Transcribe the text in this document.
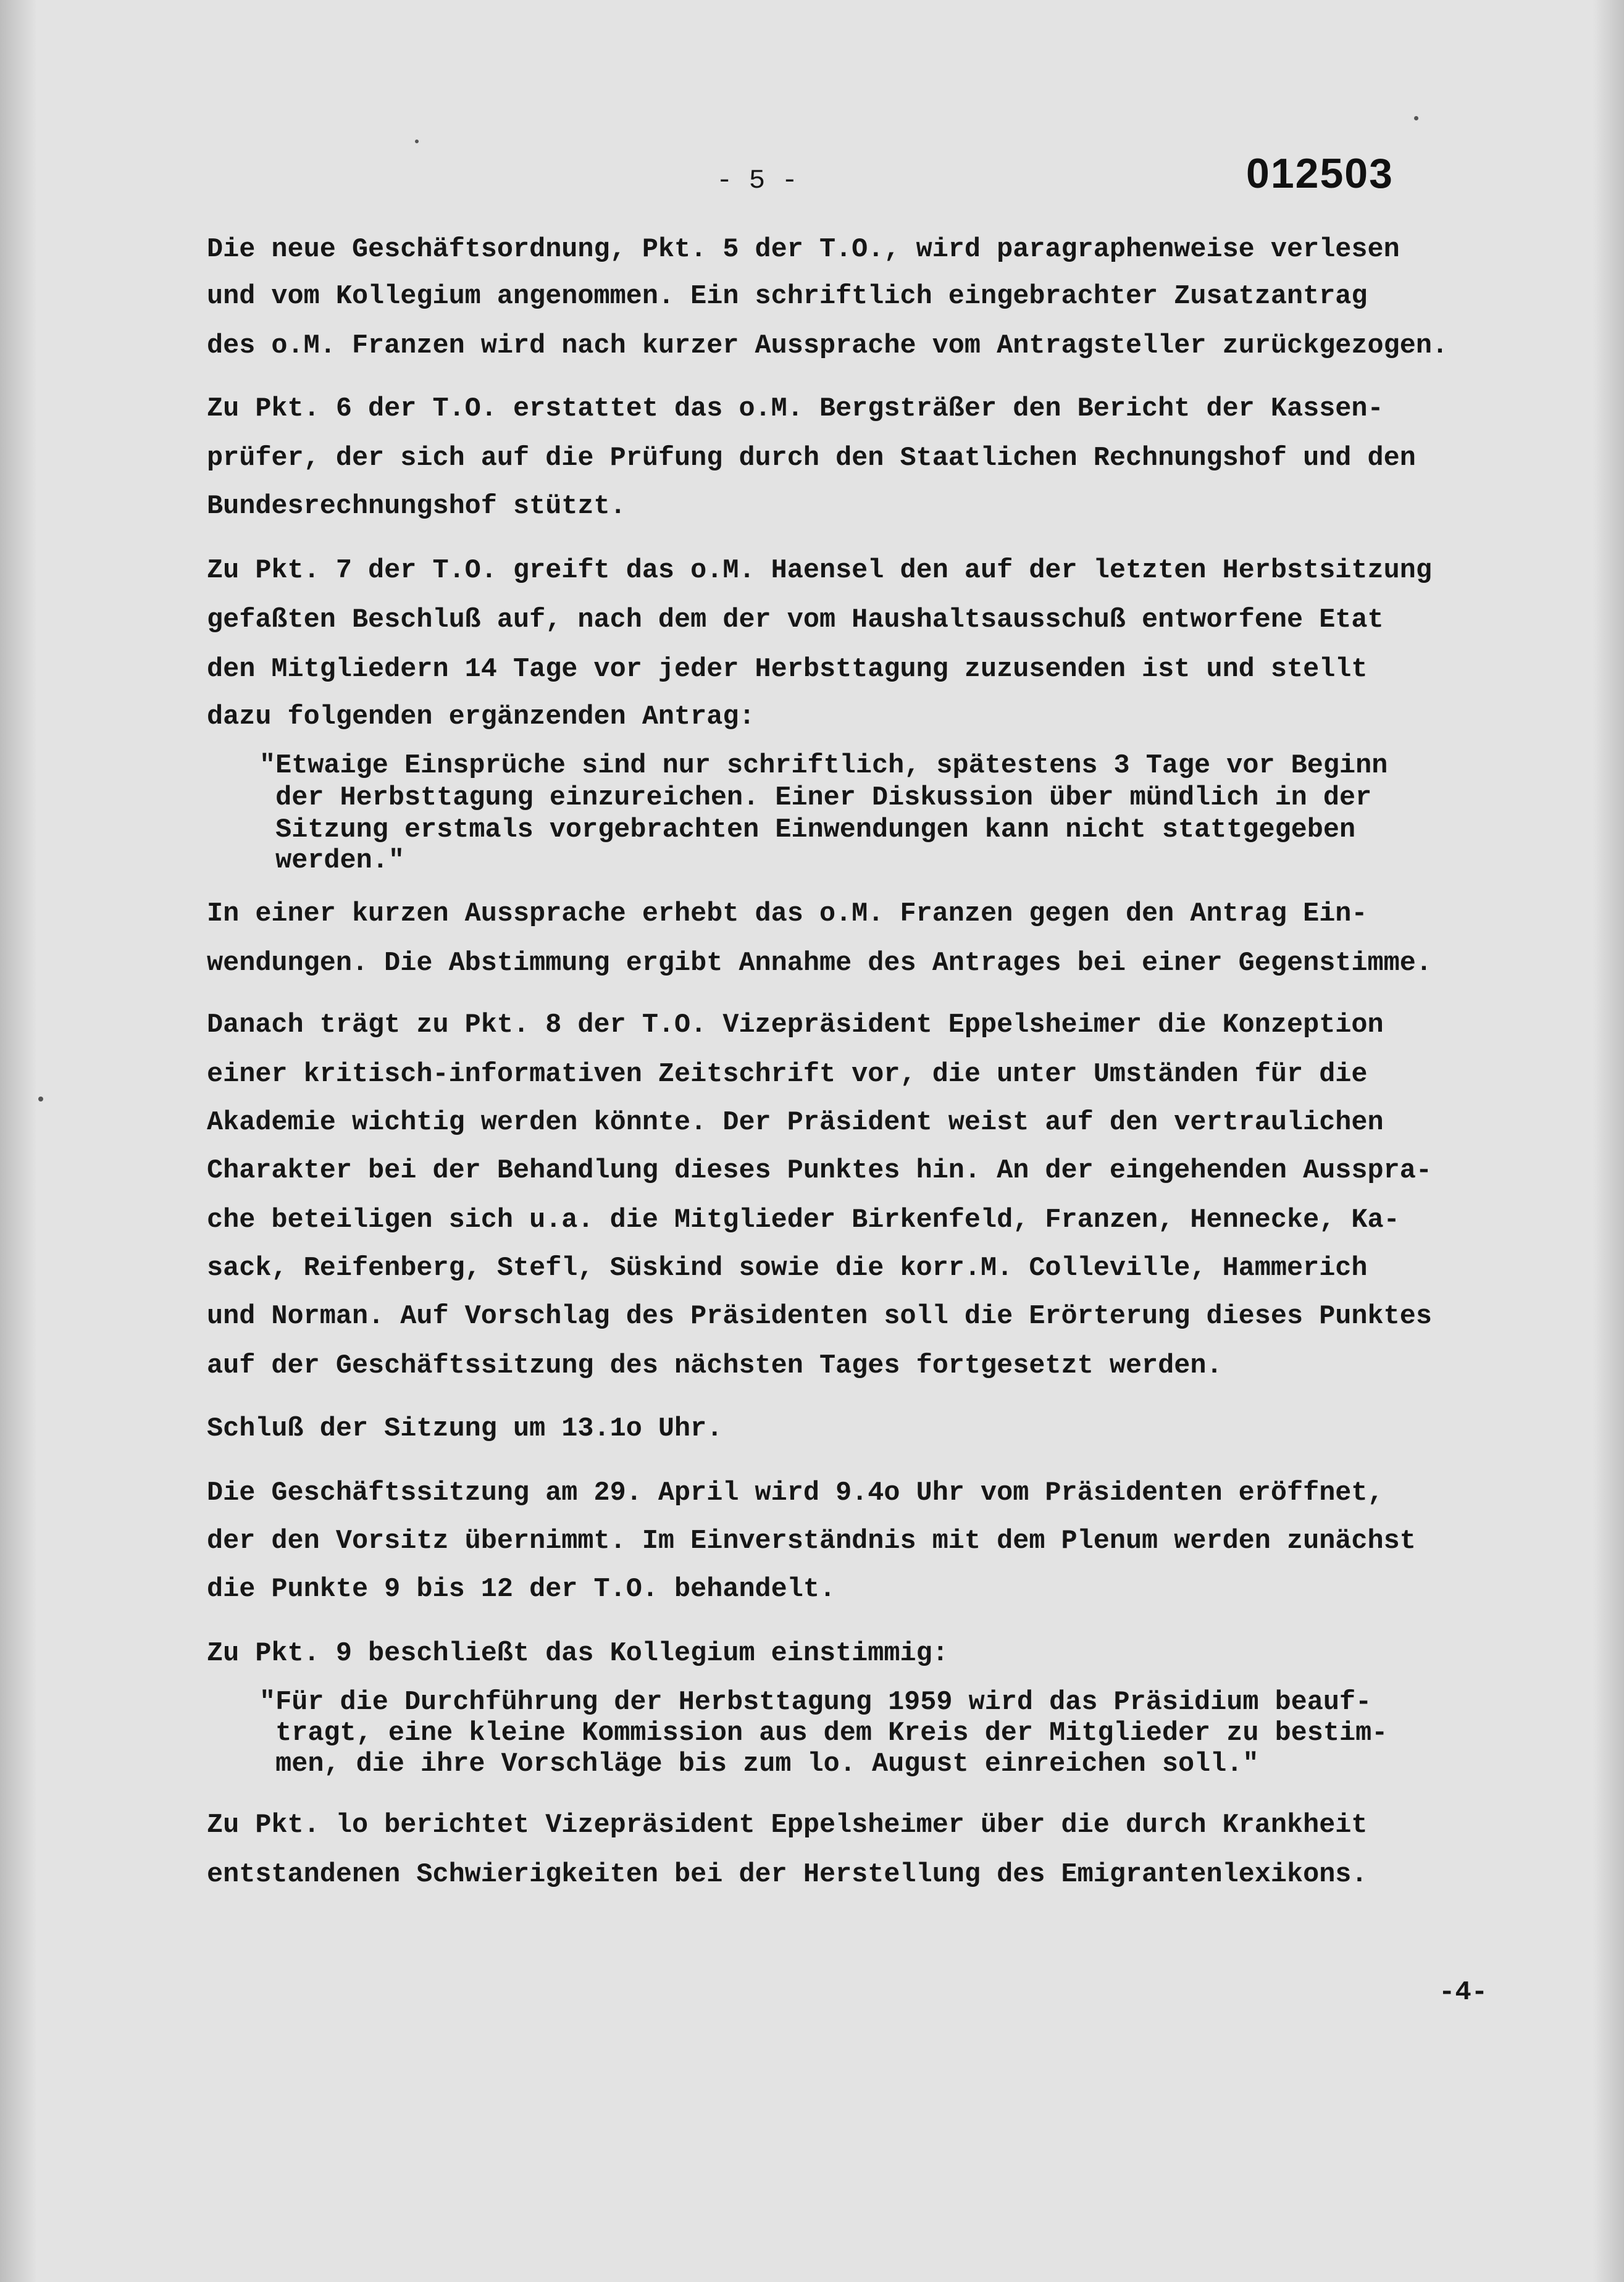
- 5 -	012503
Die neue Geschäftsordnung, Pkt. 5 der T.O., wird paragraphenweise verlesen
und vom Kollegium angenommen. Ein schriftlich eingebrachter Zusatzantrag
des o.M. Franzen wird nach kurzer Aussprache vom Antragsteller zurückgezogen.
Zu Pkt. 6 der T.O. erstattet das o.M. Bergsträßer den Bericht der Kassen-
prüfer, der sich auf die Prüfung durch den Staatlichen Rechnungshof und den
Bundesrechnungshof stützt.
Zu Pkt. 7 der T.O. greift das o.M. Haensel den auf der letzten Herbstsitzung
gefaßten Beschluß auf, nach dem der vom Haushaltsausschuß entworfene Etat
den Mitgliedern 14 Tage vor jeder Herbsttagung zuzusenden ist und stellt
dazu folgenden ergänzenden Antrag:
"Etwaige Einsprüche sind nur schriftlich, spätestens 3 Tage vor Beginn
der Herbsttagung einzureichen. Einer Diskussion über mündlich in der
Sitzung erstmals vorgebrachten Einwendungen kann nicht stattgegeben
werden."
In einer kurzen Aussprache erhebt das o.M. Franzen gegen den Antrag Ein-
wendungen. Die Abstimmung ergibt Annahme des Antrages bei einer Gegenstimme.
Danach trägt zu Pkt. 8 der T.O. Vizepräsident Eppelsheimer die Konzeption
einer kritisch-informativen Zeitschrift vor, die unter Umständen für die
Akademie wichtig werden könnte. Der Präsident weist auf den vertraulichen
Charakter bei der Behandlung dieses Punktes hin. An der eingehenden Ausspra-
che beteiligen sich u.a. die Mitglieder Birkenfeld, Franzen, Hennecke, Ka-
sack, Reifenberg, Stefl, Süskind sowie die korr.M. Colleville, Hammerich
und Norman. Auf Vorschlag des Präsidenten soll die Erörterung dieses Punktes
auf der Geschäftssitzung des nächsten Tages fortgesetzt werden.
Schluß der Sitzung um 13.1o Uhr.
Die Geschäftssitzung am 29. April wird 9.4o Uhr vom Präsidenten eröffnet,
der den Vorsitz übernimmt. Im Einverständnis mit dem Plenum werden zunächst
die Punkte 9 bis 12 der T.O. behandelt.
Zu Pkt. 9 beschließt das Kollegium einstimmig:
"Für die Durchführung der Herbsttagung 1959 wird das Präsidium beauf-
tragt, eine kleine Kommission aus dem Kreis der Mitglieder zu bestim-
men, die ihre Vorschläge bis zum lo. August einreichen soll."
Zu Pkt. lo berichtet Vizepräsident Eppelsheimer über die durch Krankheit
entstandenen Schwierigkeiten bei der Herstellung des Emigrantenlexikons.
-4-
